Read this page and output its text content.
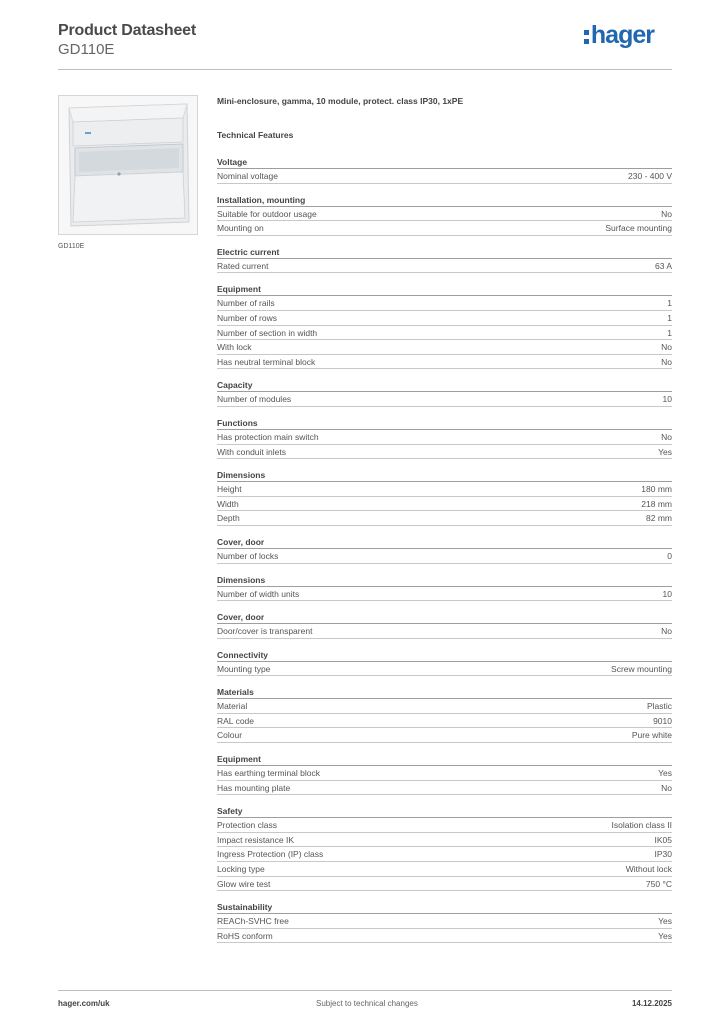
Product Datasheet
GD110E
hager
GD110E
Mini-enclosure, gamma, 10 module, protect. class IP30, 1xPE
Technical Features
Voltage
Nominal voltage	230 - 400 V
Installation, mounting
Suitable for outdoor usage	No
Mounting on	Surface mounting
Electric current
Rated current	63 A
Equipment
Number of rails	1
Number of rows	1
Number of section in width	1
With lock	No
Has neutral terminal block	No
Capacity
Number of modules	10
Functions
Has protection main switch	No
With conduit inlets	Yes
Dimensions
Height	180 mm
Width	218 mm
Depth	82 mm
Cover, door
Number of locks	0
Dimensions
Number of width units	10
Cover, door
Door/cover is transparent	No
Connectivity
Mounting type	Screw mounting
Materials
Material	Plastic
RAL code	9010
Colour	Pure white
Equipment
Has earthing terminal block	Yes
Has mounting plate	No
Safety
Protection class	Isolation class II
Impact resistance IK	IK05
Ingress Protection (IP) class	IP30
Locking type	Without lock
Glow wire test	750 °C
Sustainability
REACh-SVHC free	Yes
RoHS conform	Yes
hager.com/uk	Subject to technical changes	14.12.2025
